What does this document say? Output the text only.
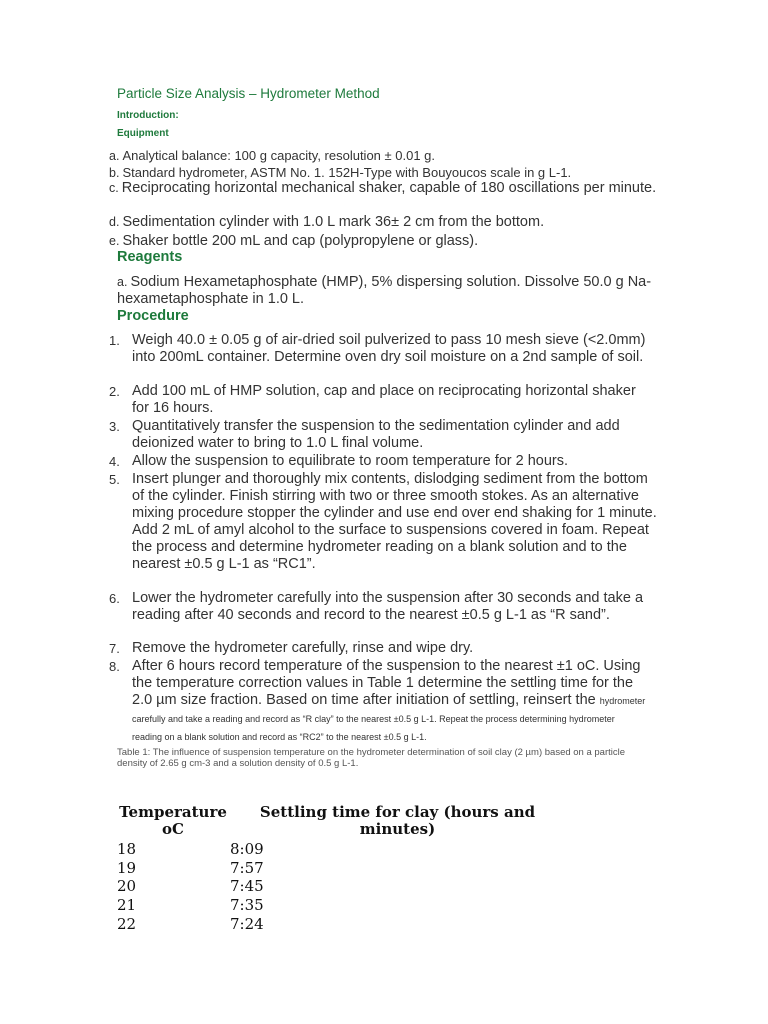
Particle Size Analysis – Hydrometer Method
Introduction:
Equipment
a. Analytical balance: 100 g capacity, resolution ± 0.01 g.
b. Standard hydrometer, ASTM No. 1. 152H-Type with Bouyoucos scale in g L-1.
c. Reciprocating horizontal mechanical shaker, capable of 180 oscillations per minute.
d. Sedimentation cylinder with 1.0 L mark 36± 2 cm from the bottom.
e. Shaker bottle 200 mL and cap (polypropylene or glass).
Reagents
a. Sodium Hexametaphosphate (HMP), 5% dispersing solution. Dissolve 50.0 g Na-hexametaphosphate in 1.0 L.
Procedure
1. Weigh 40.0 ± 0.05 g of air-dried soil pulverized to pass 10 mesh sieve (<2.0mm) into 200mL container. Determine oven dry soil moisture on a 2nd sample of soil.
2. Add 100 mL of HMP solution, cap and place on reciprocating horizontal shaker for 16 hours.
3. Quantitatively transfer the suspension to the sedimentation cylinder and add deionized water to bring to 1.0 L final volume.
4. Allow the suspension to equilibrate to room temperature for 2 hours.
5. Insert plunger and thoroughly mix contents, dislodging sediment from the bottom of the cylinder. Finish stirring with two or three smooth stokes. As an alternative mixing procedure stopper the cylinder and use end over end shaking for 1 minute. Add 2 mL of amyl alcohol to the surface to suspensions covered in foam. Repeat the process and determine hydrometer reading on a blank solution and to the nearest ±0.5 g L-1 as “RC1”.
6. Lower the hydrometer carefully into the suspension after 30 seconds and take a reading after 40 seconds and record to the nearest ±0.5 g L-1 as “R sand”.
7. Remove the hydrometer carefully, rinse and wipe dry.
8. After 6 hours record temperature of the suspension to the nearest ±1 oC. Using the temperature correction values in Table 1 determine the settling time for the 2.0 µm size fraction. Based on time after initiation of settling, reinsert the hydrometer carefully and take a reading and record as “R clay” to the nearest ±0.5 g L-1. Repeat the process determining hydrometer reading on a blank solution and record as “RC2” to the nearest ±0.5 g L-1.
Table 1: The influence of suspension temperature on the hydrometer determination of soil clay (2 µm) based on a particle density of 2.65 g cm-3 and a solution density of 0.5 g L-1.
Temperature oC
Settling time for clay (hours and minutes)
18	8:09
19	7:57
20	7:45
21	7:35
22	7:24
